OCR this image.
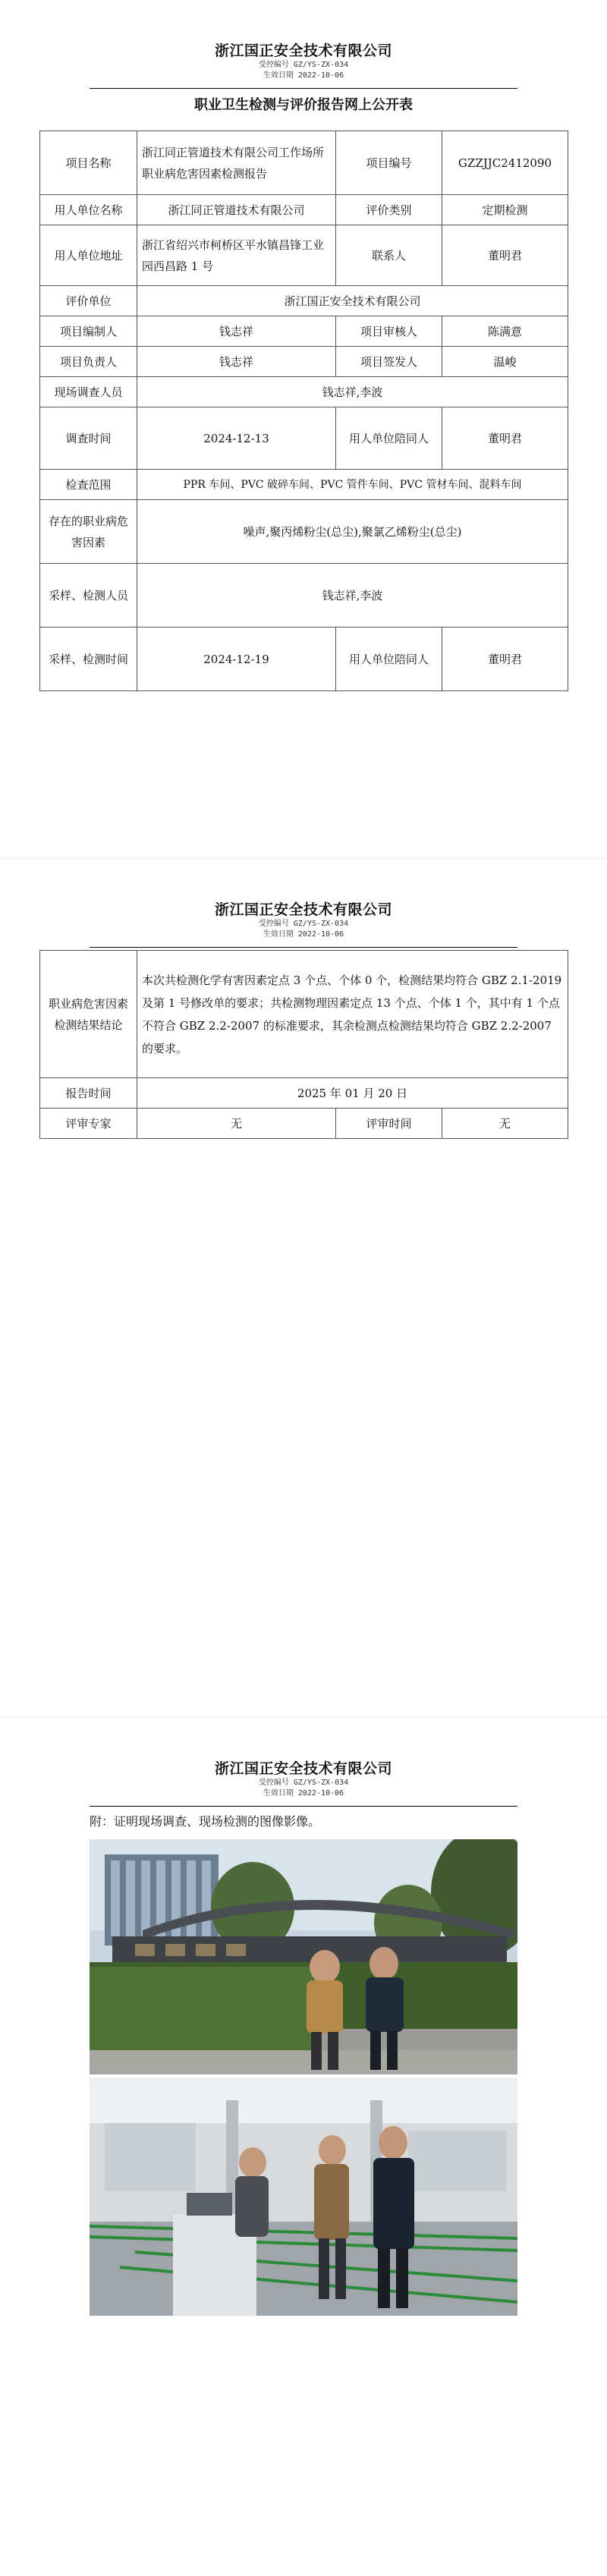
浙江国正安全技术有限公司
受控编号 GZ/YS-ZX-034
生效日期 2022-10-06
职业卫生检测与评价报告网上公开表
项目名称	浙江同正管道技术有限公司工作场所职业病危害因素检测报告	项目编号	GZZJJC2412090
用人单位名称	浙江同正管道技术有限公司	评价类别	定期检测
用人单位地址	浙江省绍兴市柯桥区平水镇昌锋工业园西昌路 1 号	联系人	董明君
评价单位	浙江国正安全技术有限公司		
项目编制人	钱志祥	项目审核人	陈满意
项目负责人	钱志祥	项目签发人	温峻
现场调查人员	钱志祥,李波		
调查时间	2024-12-13	用人单位陪同人	董明君
检查范围	PPR 车间、PVC 破碎车间、PVC 管件车间、PVC 管材车间、混料车间		
存在的职业病危害因素	噪声,聚丙烯粉尘(总尘),聚氯乙烯粉尘(总尘)		
采样、检测人员	钱志祥,李波		
采样、检测时间	2024-12-19	用人单位陪同人	董明君
浙江国正安全技术有限公司
受控编号 GZ/YS-ZX-034
生效日期 2022-10-06
职业病危害因素检测结果结论	本次共检测化学有害因素定点 3 个点、个体 0 个，检测结果均符合 GBZ 2.1-2019 及第 1 号修改单的要求；共检测物理因素定点 13 个点、个体 1 个，其中有 1 个点不符合 GBZ 2.2-2007 的标准要求，其余检测点检测结果均符合 GBZ 2.2-2007 的要求。		
报告时间	2025 年 01 月 20 日		
评审专家	无	评审时间	无
浙江国正安全技术有限公司
受控编号 GZ/YS-ZX-034
生效日期 2022-10-06
附：证明现场调查、现场检测的图像影像。
